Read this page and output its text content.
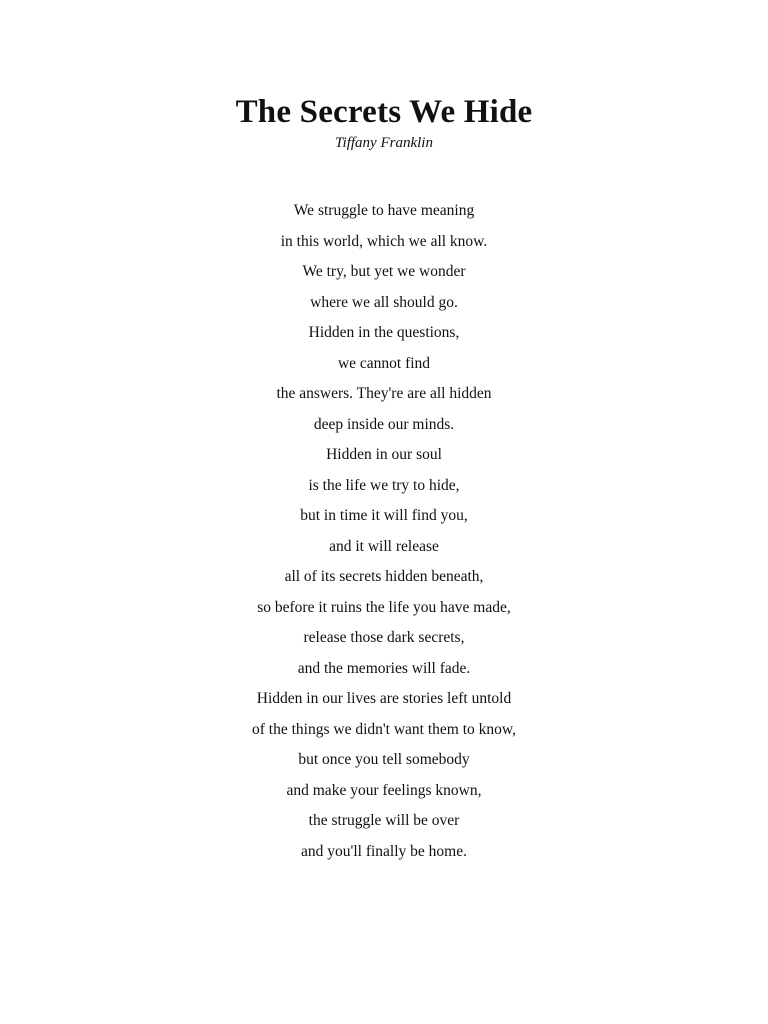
The Secrets We Hide

Tiffany Franklin

We struggle to have meaning
in this world, which we all know.
We try, but yet we wonder
where we all should go.
Hidden in the questions,
we cannot find
the answers. They're are all hidden
deep inside our minds.
Hidden in our soul
is the life we try to hide,
but in time it will find you,
and it will release
all of its secrets hidden beneath,
so before it ruins the life you have made,
release those dark secrets,
and the memories will fade.
Hidden in our lives are stories left untold
of the things we didn't want them to know,
but once you tell somebody
and make your feelings known,
the struggle will be over
and you'll finally be home.
